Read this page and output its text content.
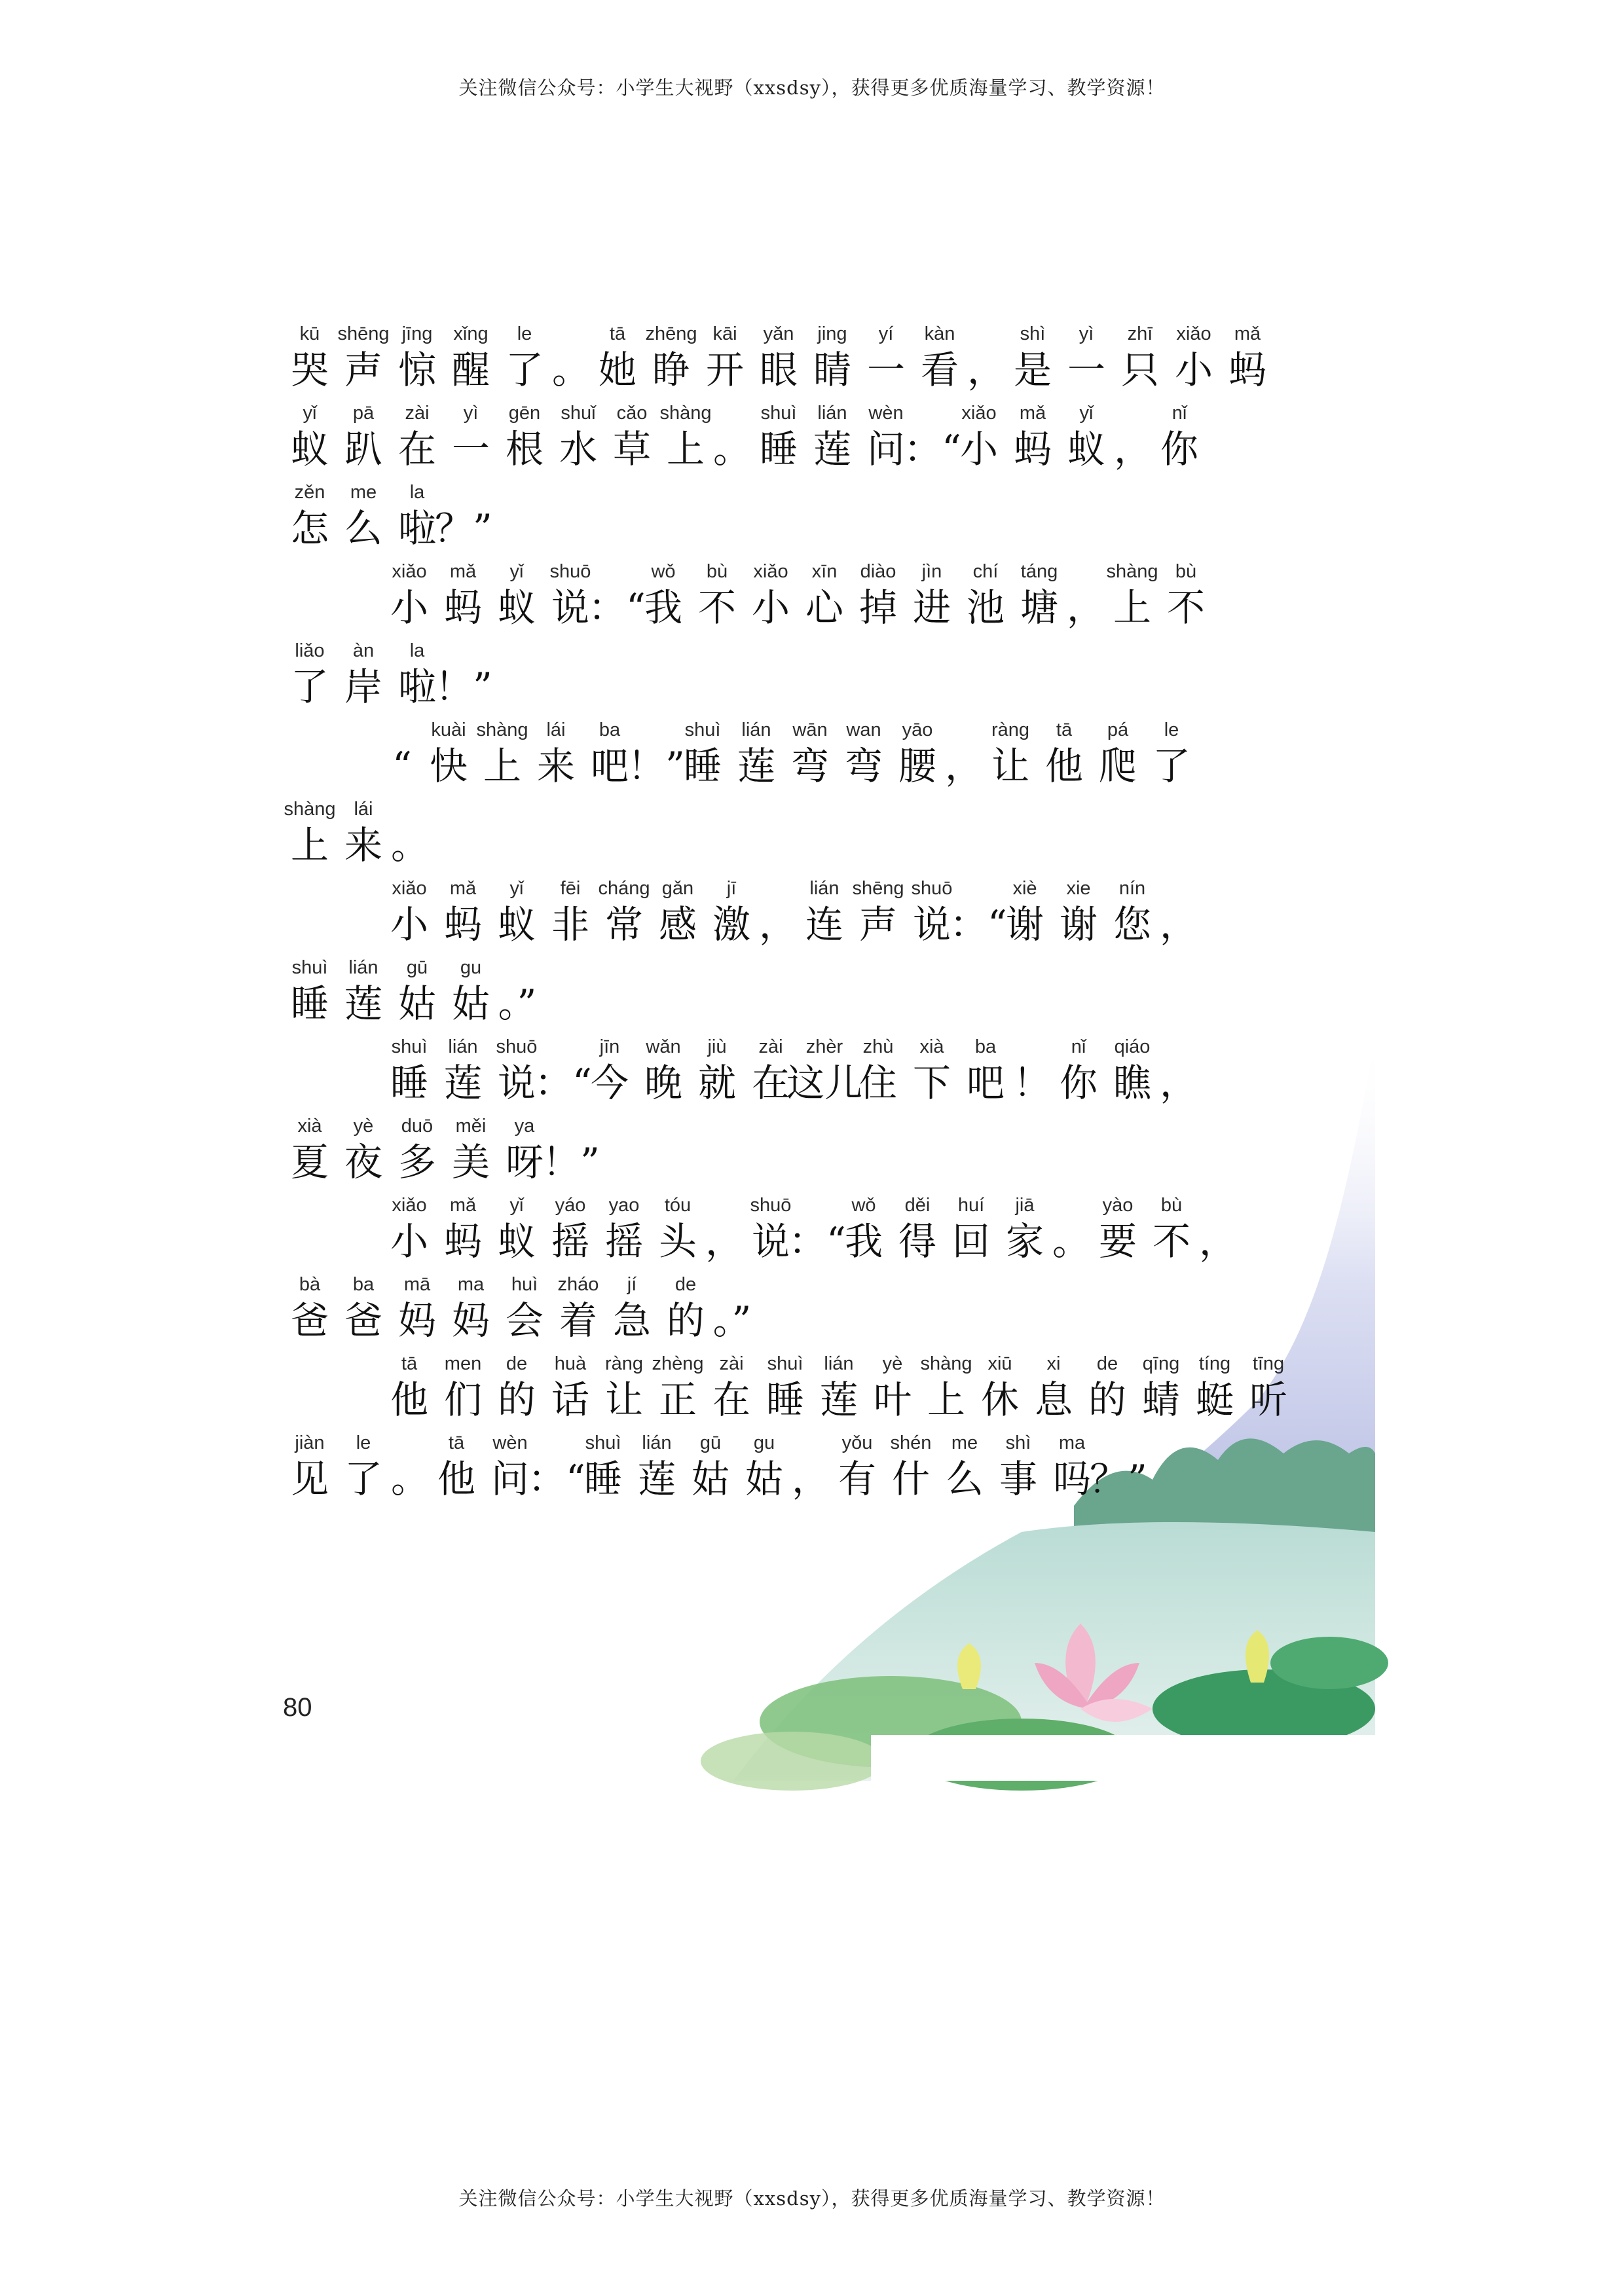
关注微信公众号：小学生大视野（xxsdsy），获得更多优质海量学习、教学资源！
kū
哭
shēng
声
jīng
惊
xǐng
醒
le
了 。
tā
她
zhēng
睁
kāi
开
yǎn
眼
jing
睛
yí
一
kàn
看 ，
shì
是
yì
一
zhī
只
xiǎo
小
mǎ
蚂
yǐ
蚁
pā
趴
zài
在
yì
一
gēn
根
shuǐ
水
cǎo
草
shàng
上 。
shuì
睡
lián
莲
wèn
问
：“
xiǎo
小
mǎ
蚂
yǐ
蚁 ，
nǐ
你
zěn
怎
me
么
la
啦
？”
xiǎo
小
mǎ
蚂
yǐ
蚁
shuō
说
：“
wǒ
我
bù
不
xiǎo
小
xīn
心
diào
掉
jìn
进
chí
池
táng
塘 ，
shàng
上
bù
不
liǎo
了
àn
岸
la
啦
！”
“
kuài
快
shàng
上
lái
来
ba
吧
！”
shuì
睡
lián
莲
wān
弯
wan
弯
yāo
腰 ，
ràng
让
tā
他
pá
爬
le
了
shàng
上
lái
来 。
xiǎo
小
mǎ
蚂
yǐ
蚁
fēi
非
cháng
常
gǎn
感
jī
激 ，
lián
连
shēng
声
shuō
说
：“
xiè
谢
xie
谢
nín
您 ，
shuì
睡
lián
莲
gū
姑
gu
姑 。”
shuì
睡
lián
莲
shuō
说
：“
jīn
今
wǎn
晚
jiù
就
zài
在
zhèr
这儿
zhù
住
xià
下
ba
吧 ！
nǐ
你
qiáo
瞧 ，
xià
夏
yè
夜
duō
多
měi
美
ya
呀
！”
xiǎo
小
mǎ
蚂
yǐ
蚁
yáo
摇
yao
摇
tóu
头 ，
shuō
说
：“
wǒ
我
děi
得
huí
回
jiā
家 。
yào
要
bù
不 ，
bà
爸
ba
爸
mā
妈
ma
妈
huì
会
zháo
着
jí
急
de
的 。”
tā
他
men
们
de
的
huà
话
ràng
让
zhèng
正
zài
在
shuì
睡
lián
莲
yè
叶
shàng
上
xiū
休
xi
息
de
的
qīng
蜻
tíng
蜓
tīng
听
jiàn
见
le
了 。
tā
他
wèn
问
：“
shuì
睡
lián
莲
gū
姑
gu
姑 ，
yǒu
有
shén
什
me
么
shì
事
ma
吗
？”
80
关注微信公众号：小学生大视野（xxsdsy），获得更多优质海量学习、教学资源！
